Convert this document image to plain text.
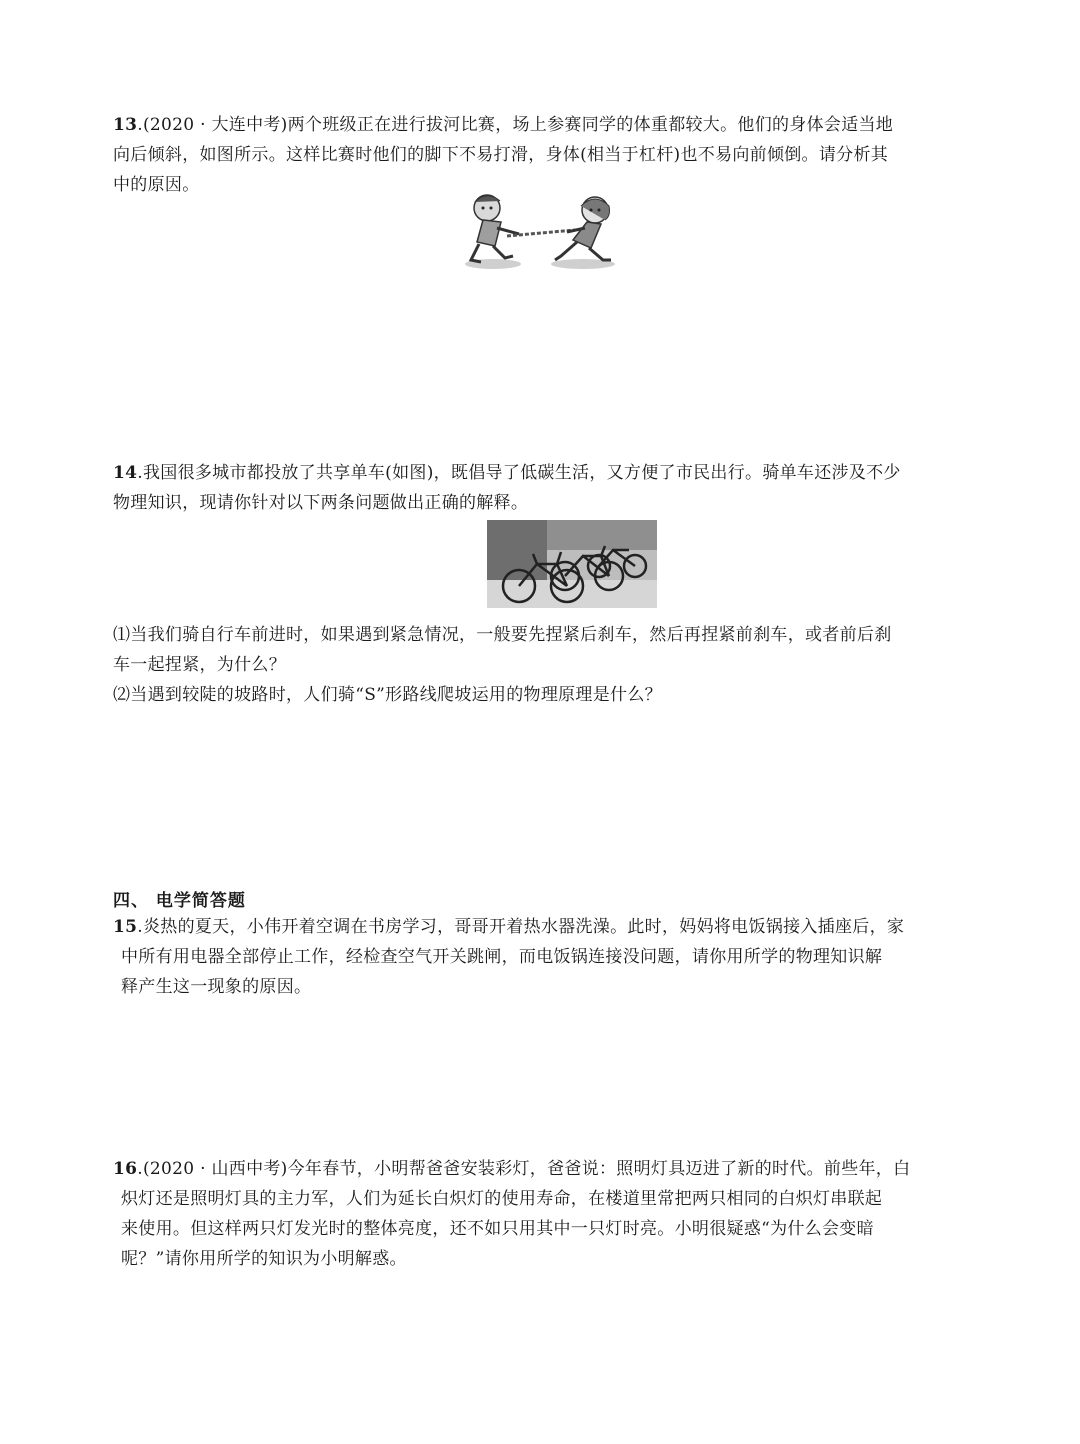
13.(2020 · 大连中考)两个班级正在进行拔河比赛，场上参赛同学的体重都较大。他们的身体会适当地
向后倾斜，如图所示。这样比赛时他们的脚下不易打滑，身体(相当于杠杆)也不易向前倾倒。请分析其
中的原因。
14.我国很多城市都投放了共享单车(如图)，既倡导了低碳生活，又方便了市民出行。骑单车还涉及不少
物理知识，现请你针对以下两条问题做出正确的解释。
⑴当我们骑自行车前进时，如果遇到紧急情况，一般要先捏紧后刹车，然后再捏紧前刹车，或者前后刹
车一起捏紧，为什么？
⑵当遇到较陡的坡路时，人们骑“S”形路线爬坡运用的物理原理是什么？
四、 电学简答题
15.炎热的夏天，小伟开着空调在书房学习，哥哥开着热水器洗澡。此时，妈妈将电饭锅接入插座后，家
中所有用电器全部停止工作，经检查空气开关跳闸，而电饭锅连接没问题，请你用所学的物理知识解
释产生这一现象的原因。
16.(2020 · 山西中考)今年春节，小明帮爸爸安装彩灯，爸爸说：照明灯具迈进了新的时代。前些年，白
炽灯还是照明灯具的主力军，人们为延长白炽灯的使用寿命，在楼道里常把两只相同的白炽灯串联起
来使用。但这样两只灯发光时的整体亮度，还不如只用其中一只灯时亮。小明很疑惑“为什么会变暗
呢？”请你用所学的知识为小明解惑。
